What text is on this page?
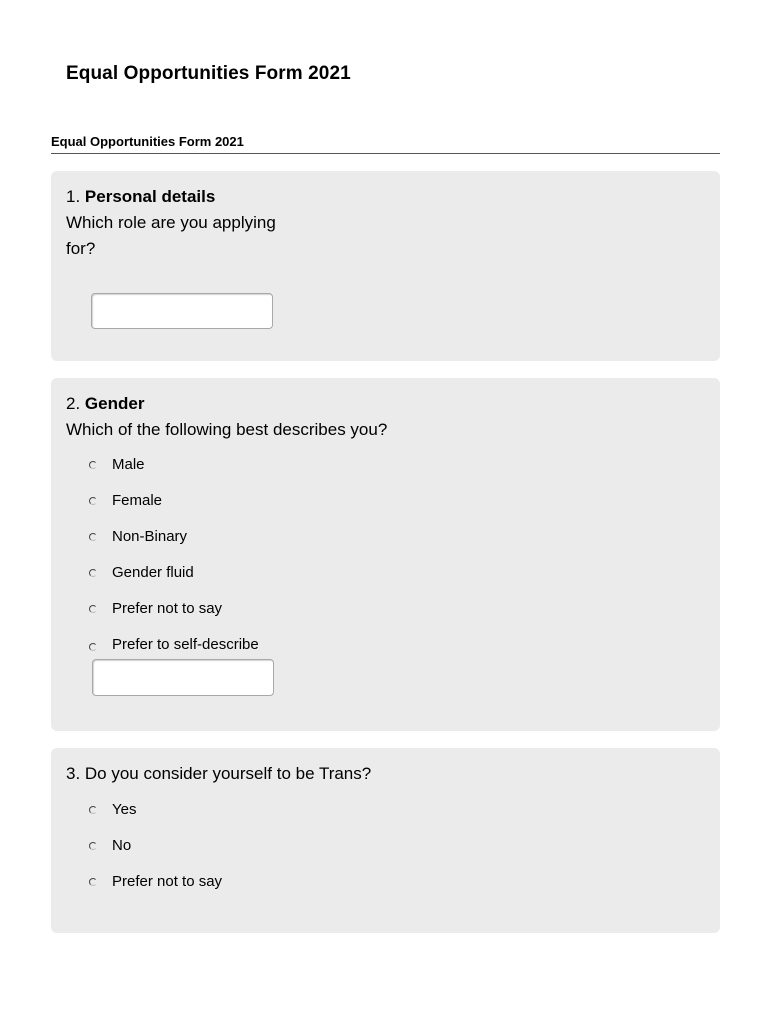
Equal Opportunities Form 2021
Equal Opportunities Form 2021
1. Personal details
Which role are you applying
for?
2. Gender
Which of the following best describes you?
Male
Female
Non-Binary
Gender fluid
Prefer not to say
Prefer to self-describe
3. Do you consider yourself to be Trans?
Yes
No
Prefer not to say
